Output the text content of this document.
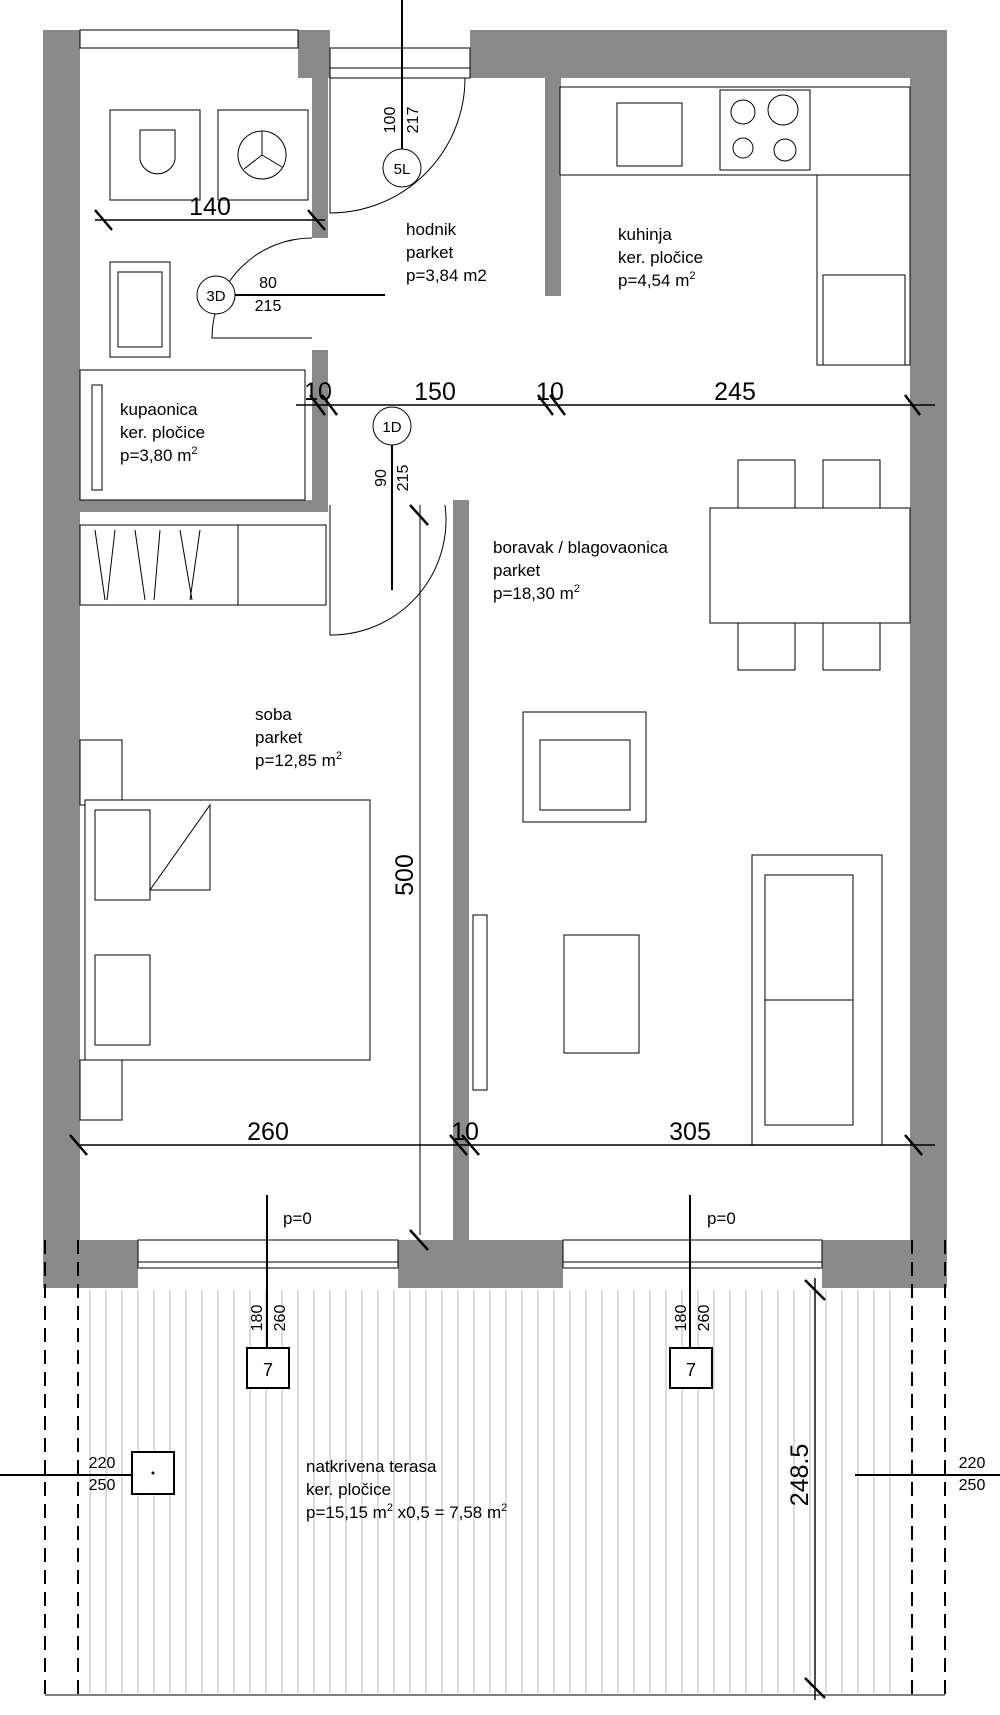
5L
3D
1D
100 217
80
215
90 215
140
10	150	10	245
260	10	305
500
248.5
7
180 260
p=0
7
180 260
p=0
220
250
220
250
hodnik
parket
p=3,84 m2
kuhinja
ker. pločice
p=4,54 $m^2$
kupaonica
ker. pločice
p=3,80 $m^2$
boravak / blagovaonica
parket
p=18,30 $m^2$
soba
parket
p=12,85 $m^2$
natkrivena terasa
ker. pločice
p=15,15 $m^2$ x0,5 = 7,58 $m^2$
